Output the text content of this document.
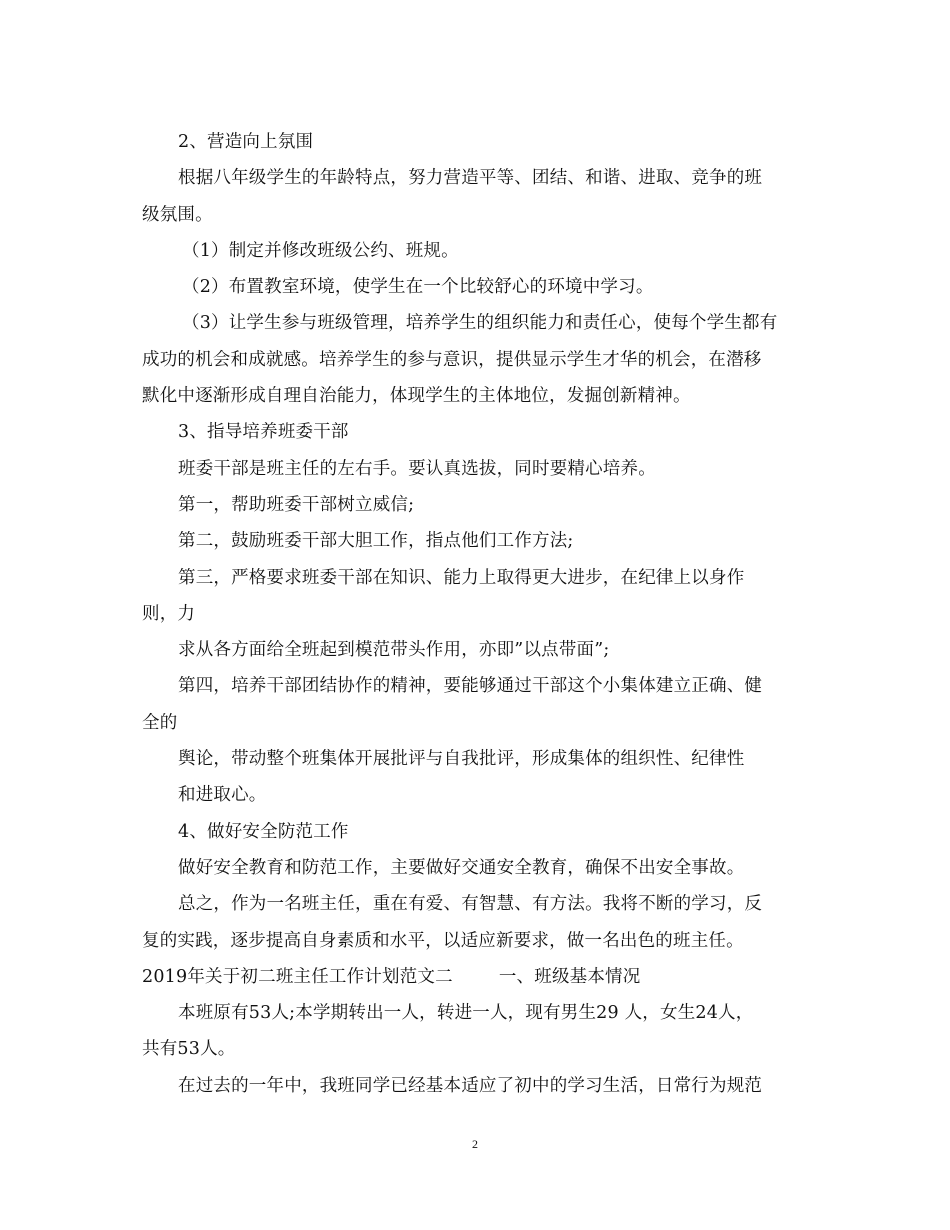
2、营造向上氛围
根据八年级学生的年龄特点，努力营造平等、团结、和谐、进取、竞争的班
级氛围。
（1）制定并修改班级公约、班规。
（2）布置教室环境，使学生在一个比较舒心的环境中学习。
（3）让学生参与班级管理，培养学生的组织能力和责任心，使每个学生都有
成功的机会和成就感。培养学生的参与意识，提供显示学生才华的机会，在潜移
默化中逐渐形成自理自治能力，体现学生的主体地位，发掘创新精神。
3、指导培养班委干部
班委干部是班主任的左右手。要认真选拔，同时要精心培养。
第一，帮助班委干部树立威信;
第二，鼓励班委干部大胆工作，指点他们工作方法;
第三，严格要求班委干部在知识、能力上取得更大进步，在纪律上以身作
则，力
求从各方面给全班起到模范带头作用，亦即”以点带面”;
第四，培养干部团结协作的精神，要能够通过干部这个小集体建立正确、健
全的
舆论，带动整个班集体开展批评与自我批评，形成集体的组织性、纪律性
和进取心。
4、做好安全防范工作
做好安全教育和防范工作，主要做好交通安全教育，确保不出安全事故。
总之，作为一名班主任，重在有爱、有智慧、有方法。我将不断的学习，反
复的实践，逐步提高自身素质和水平，以适应新要求，做一名出色的班主任。
2019年关于初二班主任工作计划范文二	一、班级基本情况
本班原有53人;本学期转出一人，转进一人，现有男生29 人，女生24人，
共有53人。
在过去的一年中，我班同学已经基本适应了初中的学习生活，日常行为规范
2
